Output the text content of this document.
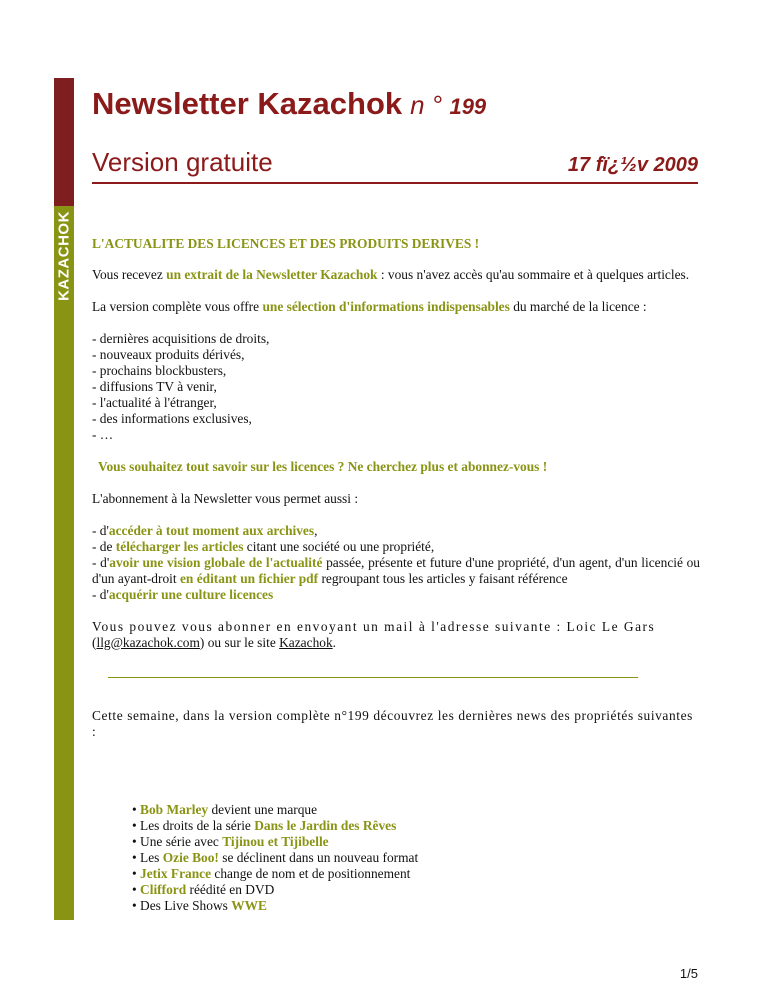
KAZACHOK
Newsletter Kazachok n ° 199
Version gratuite	17 fï¿½v 2009

L'ACTUALITE DES LICENCES ET DES PRODUITS DERIVES !

Vous recevez un extrait de la Newsletter Kazachok : vous n'avez accès qu'au sommaire et à quelques articles.

La version complète vous offre une sélection d'informations indispensables du marché de la licence :

- dernières acquisitions de droits,
- nouveaux produits dérivés,
- prochains blockbusters,
- diffusions TV à venir,
- l'actualité à l'étranger,
- des informations exclusives,
- …

Vous souhaitez tout savoir sur les licences ? Ne cherchez plus et abonnez-vous !

L'abonnement à la Newsletter vous permet aussi :

- d'accéder à tout moment aux archives,

- de télécharger les articles citant une société ou une propriété,

- d'avoir une vision globale de l'actualité passée, présente et future d'une propriété, d'un agent, d'un licencié ou d'un ayant-droit en éditant un fichier pdf regroupant tous les articles y faisant référence

- d'acquérir une culture licences

Vous pouvez vous abonner en envoyant un mail à l'adresse suivante : Loic Le Gars
(llg@kazachok.com) ou sur le site Kazachok.

Cette semaine, dans la version complète n°199 découvrez les dernières news des propriétés suivantes :

• Bob Marley devient une marque
• Les droits de la série Dans le Jardin des Rêves
• Une série avec Tijinou et Tijibelle
• Les Ozie Boo! se déclinent dans un nouveau format
• Jetix France change de nom et de positionnement
• Clifford réédité en DVD
• Des Live Shows WWE
1/5
